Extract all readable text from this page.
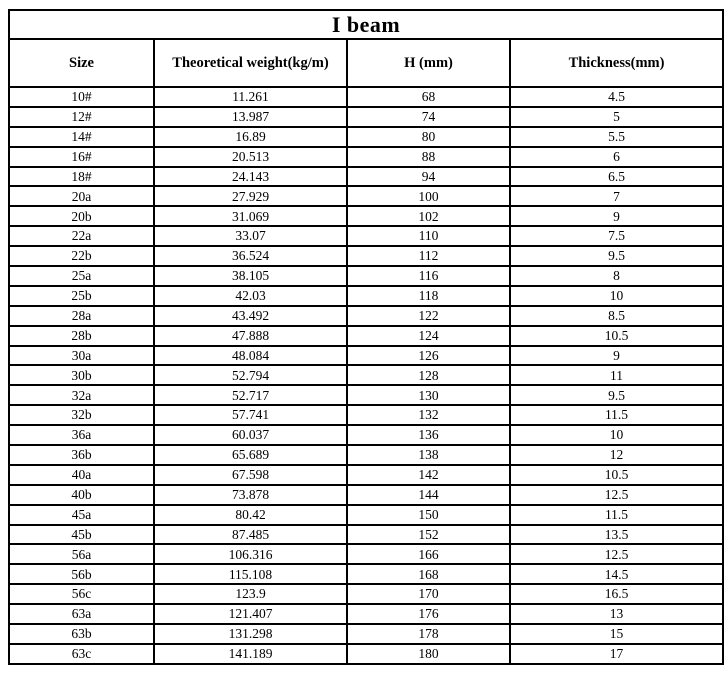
I beam			
Size	Theoretical weight(kg/m)	H (mm)	Thickness(mm)
10#	11.261	68	4.5
12#	13.987	74	5
14#	16.89	80	5.5
16#	20.513	88	6
18#	24.143	94	6.5
20a	27.929	100	7
20b	31.069	102	9
22a	33.07	110	7.5
22b	36.524	112	9.5
25a	38.105	116	8
25b	42.03	118	10
28a	43.492	122	8.5
28b	47.888	124	10.5
30a	48.084	126	9
30b	52.794	128	11
32a	52.717	130	9.5
32b	57.741	132	11.5
36a	60.037	136	10
36b	65.689	138	12
40a	67.598	142	10.5
40b	73.878	144	12.5
45a	80.42	150	11.5
45b	87.485	152	13.5
56a	106.316	166	12.5
56b	115.108	168	14.5
56c	123.9	170	16.5
63a	121.407	176	13
63b	131.298	178	15
63c	141.189	180	17
